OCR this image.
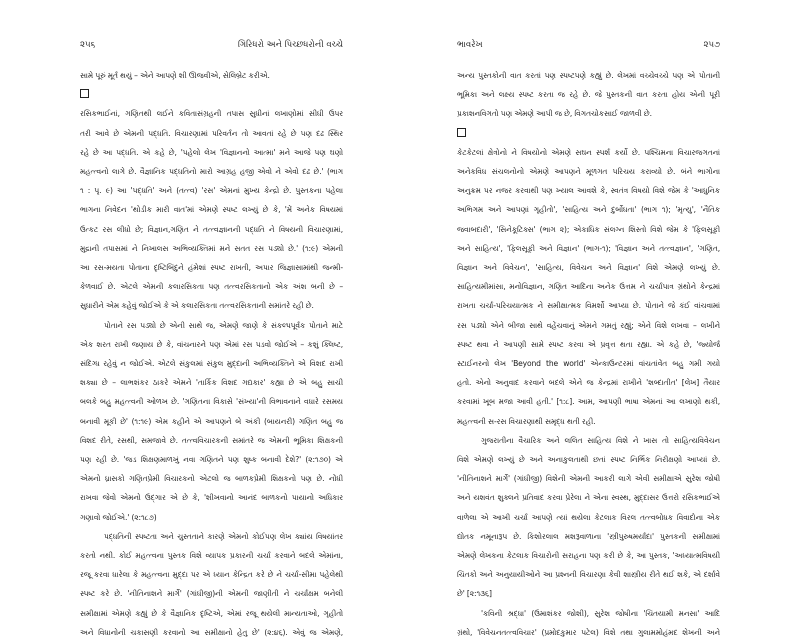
૨૫૬	ગિરિધરો અને પિચ્છધરોની વચ્ચે
સામે પૂરું મૂર્ત થયું – એને આપણે શી ઊજવીએ, સેલિબ્રેટ કરીએ.
રસિકભાઈનાં, ગણિતથી લઈને કવિતાસંગ્રહની તપાસ સુધીનાં લખાણોમાં સીધી ઉપર
તરી આવે છે એમની પદ્ધતિ. વિચારણામાં પરિવર્તન તો આવતાં રહે છે પણ દઢ સ્થિર
રહે છે આ પદ્ધતિ. એ કહે છે, 'પહેલો લેખ 'વિજ્ઞાનનો આત્મા' મને આજે પણ ઘણો
મહત્ત્વનો લાગે છે. વૈજ્ઞાનિક પદ્ધતિનો મારો આગ્રહ હજી એવો ને એવો દઢ છે.' (ભાગ
૧ : પૃ. ૯) આ 'પદ્ધતિ' અને (તત્ત્વ) 'રસ' એમનાં મુખ્ય કેન્દ્રો છે. પુસ્તકના પહેલા
ભાગના નિવેદન 'થોડીક મારી વાત'માં એમણે સ્પષ્ટ લખ્યું છે કે, 'મેં અનેક વિષયમાં
ઉત્કટ રસ લીધો છે; વિજ્ઞાન,ગણિત ને તત્ત્વજ્ઞાનની પદ્ધતિ ને વિષયની વિચારણામાં,
મુદ્રાની તપાસમાં ને નિખાલસ અભિવ્યક્તિમાં મને સતત રસ પડ્યો છે.' (૧:૯) એમની
આ રસ-મયતા પોતાના દૃષ્ટિબિંદુને હંમેશાં સ્પષ્ટ રાખતી, અપાર જિજ્ઞાસામાંથી જન્મી-
કેળવાઈ છે. એટલે એમની કલારસિકતા પણ તત્ત્વરસિકતાનો એક અંશ બની છે –
સુધારીને એમ કહેવું જોઈએ કે એ કલારસિકતા તત્ત્વરસિકતાની સમાંતરે રહી છે.
પોતાને રસ પડ્યો છે એની સાથે જ, એમણે જાણે કે સંકલ્પપૂર્વક પોતાને માટે
એક શરત રાખી જણાય છે કે, વાંચનારને પણ એમાં રસ પડવો જોઈએ – કશું ક્લિષ્ટ,
સંદિગ્ધ રહેવું ન જોઈએ. એટલે સંકુલમાં સંકુલ મુદ્દાની અભિવ્યક્તિને એ વિશદ રાખી
શક્યા છે – લાભશંકર ઠાકરે એમને 'તાર્કિક વિશદ ગદ્યકાર' કહ્યા છે એ બહુ સાચી
બલકે બહુ મહત્ત્વની ઓળખ છે. 'ગણિતના વિકાસે 'સંખ્યા'ની વિભાવનાને વધારે રસમય
બનાવી મૂકી છે' (૧:૧૯) એમ કહીને એ આપણને બે અંકી (બાયનરી) ગણિત બહુ જ
વિશદ રીતે, રસથી, સમજાવે છે. તત્ત્વવિચારકની સમાંતરે જ એમની ભૂમિકા શિક્ષકની
પણ રહી છે. 'જડ શિક્ષણમાળખું નવા ગણિતને પણ શુષ્ક બનાવી દેશે?' (૨:૧૭૦) એ
એમનો ધ્રાસકો ગણિતપ્રેમી વિચારકનો એટલો જ બાળકપ્રેમી શિક્ષકનો પણ છે. નોંધી
રાખવા જેવો એમનો ઉદ્ગાર એ છે કે, 'શીખવાનો આનંદ બાળકનો પાયાનો અધિકાર
ગણાવો જોઈએ.' (૨:૧૮૭)
પદ્ધતિની સ્પષ્ટતા અને ચુસ્તતાને કારણે એમનો કોઈપણ લેખ ક્યાંય વિષયાંતર
કરતો નથી. કોઈ મહત્ત્વના પુસ્તક વિશે વ્યાપક પ્રકારની ચર્ચા કરવાને બદલે એમાંના,
રજૂ કરવા ધારેલા કે મહત્ત્વના મુદ્દા પર એ ધ્યાન કેન્દ્રિત કરે છે ને ચર્ચા-સીમા પહેલેથી
સ્પષ્ટ કરે છે. 'નીતિનાશને માર્ગે' (ગાંધીજી)ની એમની જાણીતી ને ચર્ચાક્ષમ બનેલી
સમીક્ષામાં એમણે કહ્યું છે કે વૈજ્ઞાનિક દૃષ્ટિએ, એમાં રજૂ થયેલી માન્યતાઓ, ગૃહીતો
અને વિધાનોની ચકાસણી કરવાનો આ સમીક્ષાનો હેતુ છે' (૨:૪૬). એવું જ એમણે,
ભાવરેખ	૨૫૭
અન્ય પુસ્તકોની વાત કરતાં પણ સ્પષ્ટપણે કહ્યું છે. લેખમાં વચ્ચેવચ્ચે પણ એ પોતાની
ભૂમિકા અને લક્ષ્ય સ્પષ્ટ કરતા જ રહે છે. જે પુસ્તકની વાત કરતા હોય એની પૂરી
પ્રકાશનવિગતો પણ એમણે આપી જ છે, વિગતચોકસાઈ જાળવી છે.
કેટકેટલાં ક્ષેત્રોનો ને વિષયોનો એમણે સઘન સ્પર્શ કર્યો છે. પશ્ચિમના વિચારજગતનાં
અનેકવિધ સંચલનોનો એમણે આપણને મૂળગત પરિચય કરાવ્યો છે. બંને ભાગોના
અનુક્રમ પર નજર કરવાથી પણ ખ્યાલ આવશે કે, સ્વતંત્ર વિષયો વિશે જેમ કે 'આધુનિક
અભિગમ અને આપણાં ગૃહીતો', 'સાહિત્ય અને દુર્બોધતા' (ભાગ ૧); 'મૃત્યુ', 'નૈતિક
જવાબદારી', 'સિનેકૂટિક્સ' (ભાગ ૨); એકાધિક સંલગ્ન શિસ્તો વિશે જેમ કે 'ફિલસૂફી
અને સાહિત્ય', 'ફિલસૂફી અને વિજ્ઞાન' (ભાગ-૧); 'વિજ્ઞાન અને તત્ત્વજ્ઞાન', 'ગણિત,
વિજ્ઞાન અને વિવેચન', 'સાહિત્ય, વિવેચન અને વિજ્ઞાન' વિશે એમણે લખ્યું છે.
સાહિત્યમીમાંસા, મનોવિજ્ઞાન, ગણિત આદિના અનેક ઉત્તમ ને ચર્ચાપાત્ર ગ્રંથોને કેન્દ્રમાં
રાખતા ચર્ચા-પરિચયાત્મક ને સમીક્ષાત્મક વિમર્શો આપ્યા છે. પોતાને જે કંઈ વાંચવામાં
રસ પડ્યો એને બીજા સાથે વહેંચવાનું એમને ગમતું રહ્યું; એને વિશે લખવા – લખીને
સ્પષ્ટ થવા ને આપણી સામે સ્પષ્ટ કરવા એ પ્રવૃત્ત થતા રહ્યા. એ કહે છે, 'જ્યોર્જ
સ્ટાઈનરનો લેખ 'Beyond the world' એન્કાઉન્ટરમાં વાંચતાંવેંત બહુ ગમી ગયો
હતો. એનો અનુવાદ કરવાને બદલે એને જ કેન્દ્રમાં રાખીને 'શબ્દાતીત' [લેખ] તૈયાર
કરવામાં ખૂબ મજા આવી હતી.' [૧:૮]. આમ, આપણી ભાષા એમનાં આ લખાણો થકી,
મહત્ત્વની સ-રસ વિચારણાથી સમૃદ્ધ થતી રહી.
ગુજરાતીના વૈચારિક અને લલિત સાહિત્ય વિશે ને ખાસ તો સાહિત્યવિવેચન
વિશે એમણે લખ્યું છે અને અનાકુલતાથી છતાં સ્પષ્ટ નિર્ભિક નિરીક્ષણો આપ્યાં છે.
'નીતિનાશને માર્ગે' (ગાંધીજી) વિશેની એમની આકરી લાગે એવી સમીક્ષાએ સુરેશ જોષી
અને યશવંત શુક્લને પ્રતિવાદ કરવા પ્રેરેલા ને એના સ્વસ્થ, મુદ્દાસર ઉત્તરો રસિકભાઈએ
વાળેલા એ આખી ચર્ચા આપણે ત્યાં થયેલા કેટલાક વિરલ તત્ત્વબોધક વિવાદોના એક
દ્યોતક નમૂનારૂપ છે. કિશોરલાલ મશરૂવાળાના 'સ્ત્રીપુરુષમર્યાદા' પુસ્તકની સમીક્ષામાં
એમણે લેખકના કેટલાક વિચારોની સરાહના પણ કરી છે કે, આ પુસ્તક, 'અધ્યાત્મવિષયી
ચિંતકો અને અનુયાયીઓને આ પ્રશ્નની વિચારણા કેવી શાસ્ત્રીય રીતે થઈ શકે, એ દર્શાવે
છે' [૨:૧૩૬]
'કવિની શ્રદ્ધા' (ઉમાશંકર જોશી), સુરેશ જોષીના 'ચિંતયામી મનસા' આદિ
ગ્રંથો, 'વિવેચનતત્ત્વવિચાર' (પ્રમોદકુમાર પટેલ) વિશે તથા ગુલામમોહંમદ શેખની અને
